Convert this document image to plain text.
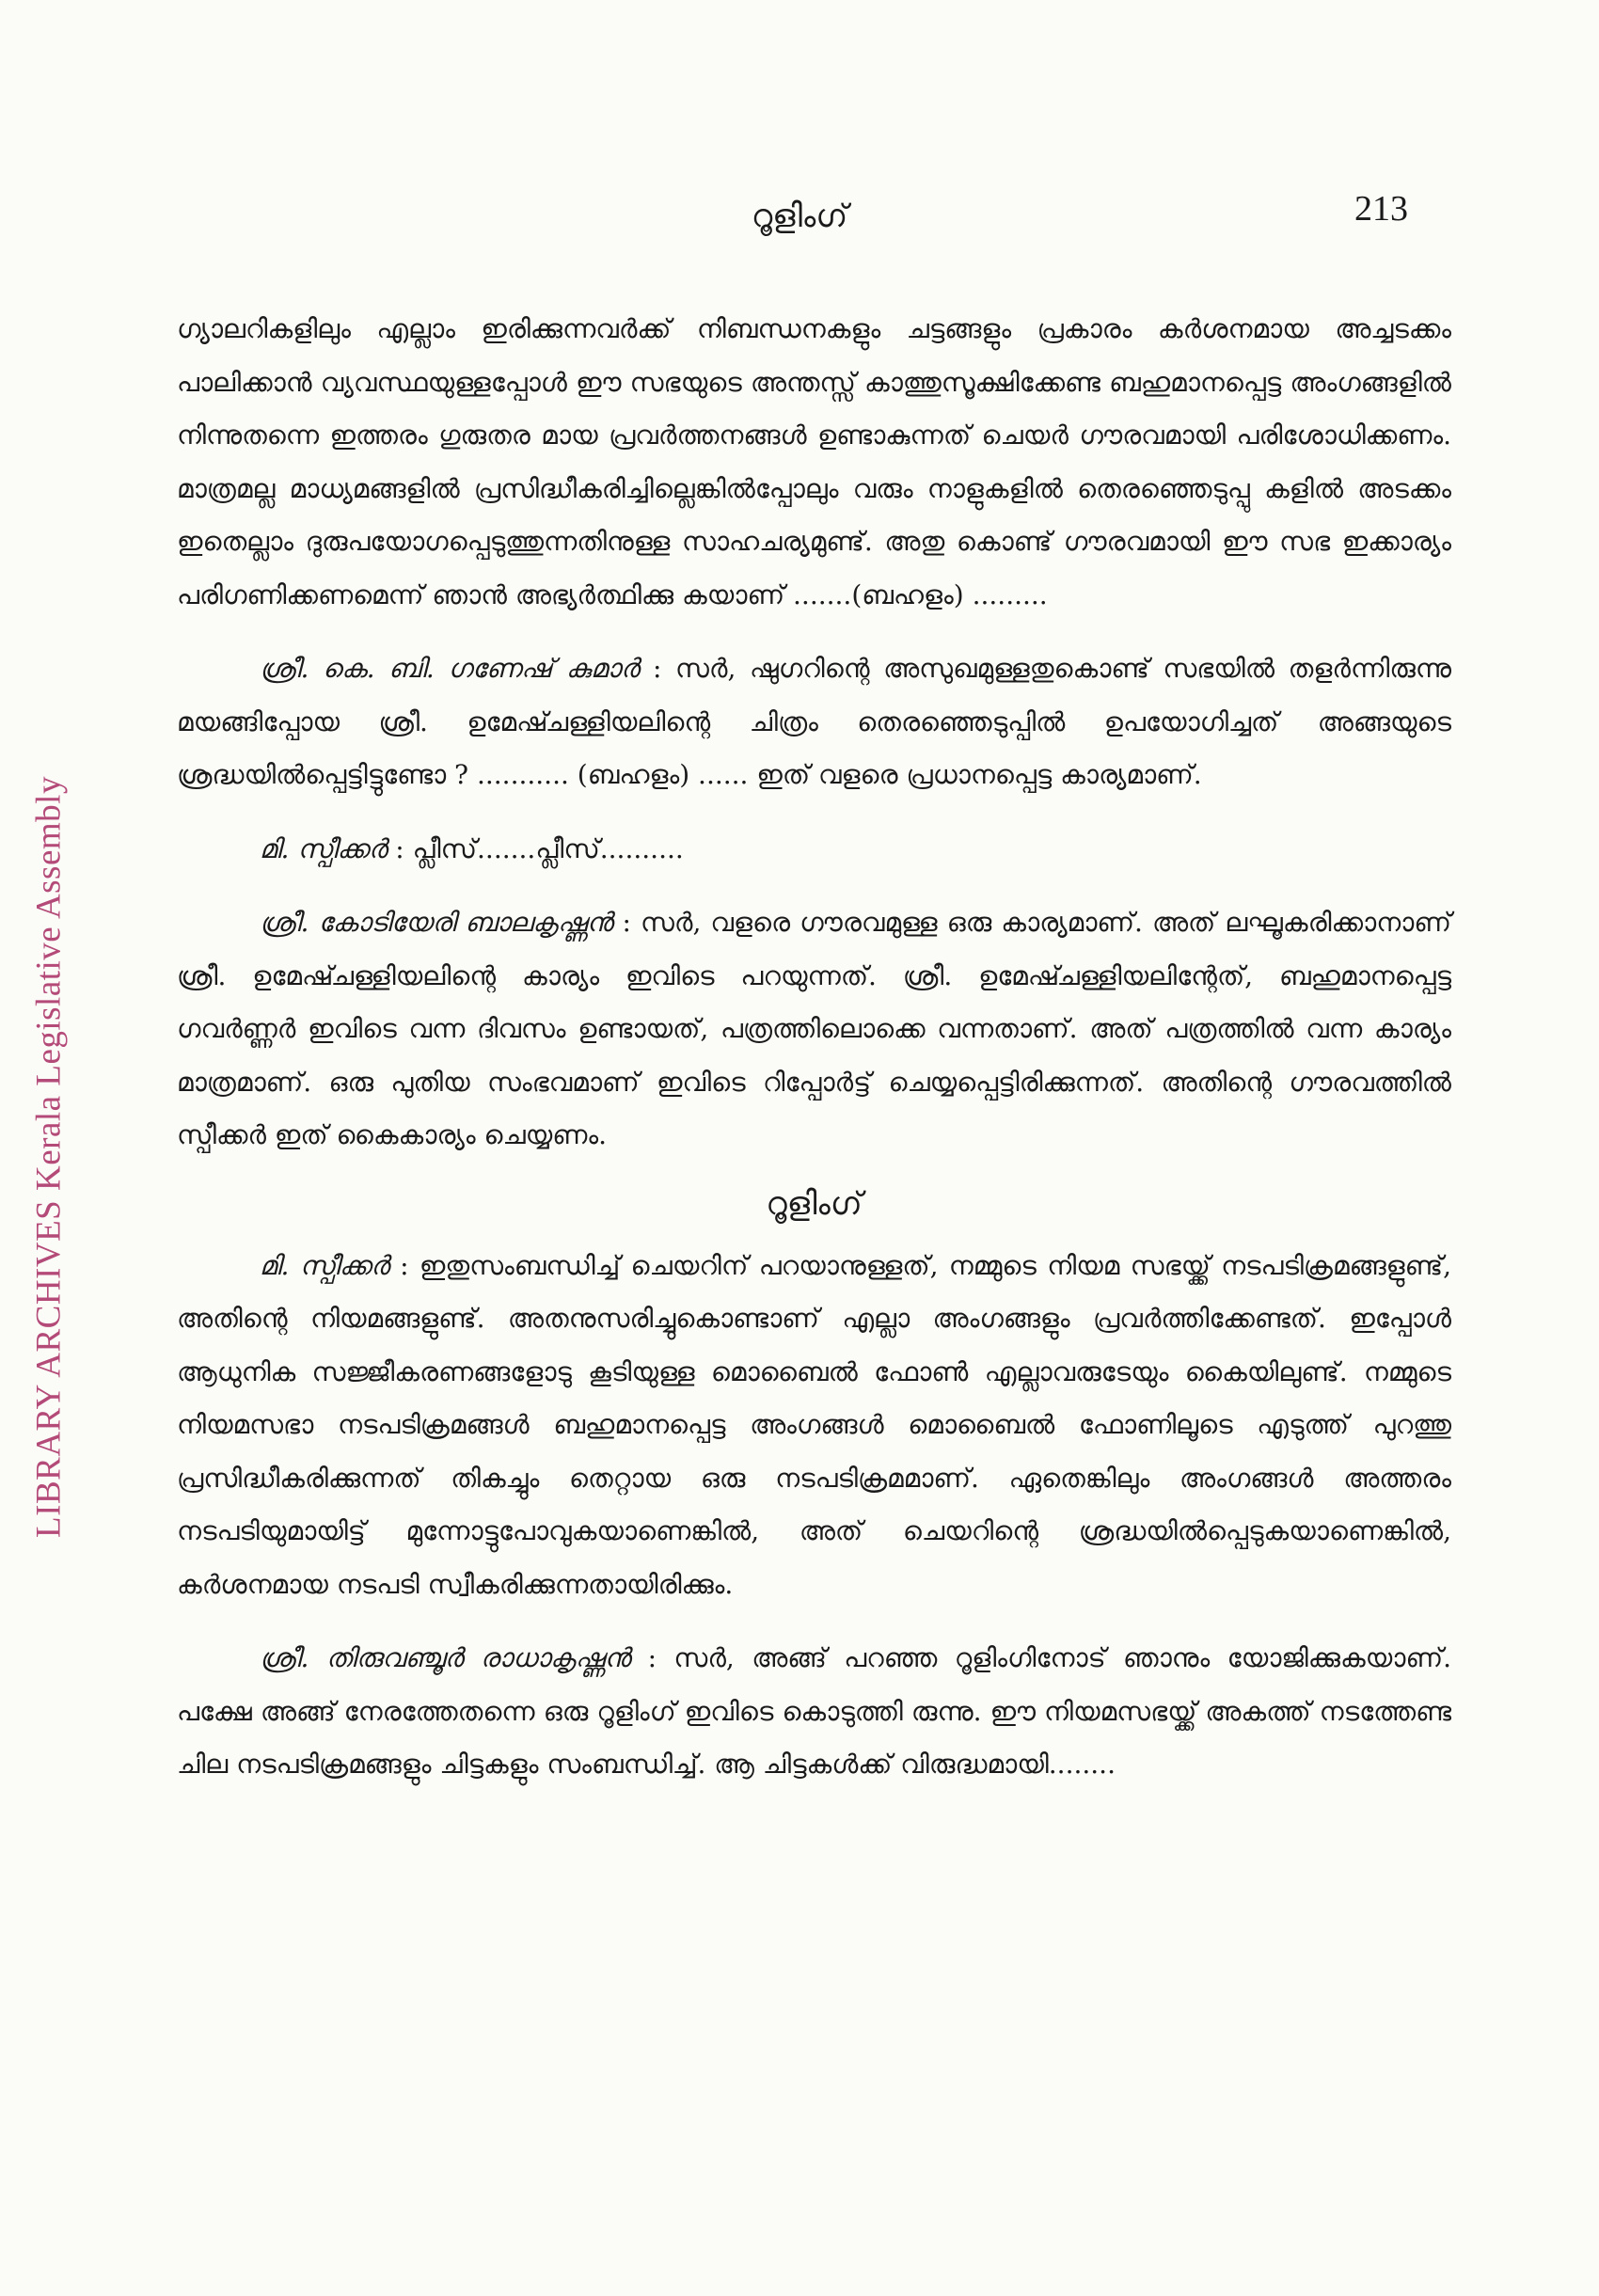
LIBRARY ARCHIVES Kerala Legislative Assembly
റൂളിംഗ്	213

ഗ്യാലറികളിലും എല്ലാം ഇരിക്കുന്നവർക്ക് നിബന്ധനകളും ചട്ടങ്ങളും പ്രകാരം കർശനമായ അച്ചടക്കം പാലിക്കാൻ വ്യവസ്ഥയുള്ളപ്പോൾ ഈ സഭയുടെ അന്തസ്സ് കാത്തുസൂക്ഷിക്കേണ്ട ബഹുമാനപ്പെട്ട അംഗങ്ങളിൽ നിന്നുതന്നെ ഇത്തരം ഗുരുതര മായ പ്രവർത്തനങ്ങൾ ഉണ്ടാകുന്നത് ചെയർ ഗൗരവമായി പരിശോധിക്കണം. മാത്രമല്ല മാധ്യമങ്ങളിൽ പ്രസിദ്ധീകരിച്ചില്ലെങ്കിൽപ്പോലും വരും നാളുകളിൽ തെരഞ്ഞെടുപ്പു കളിൽ അടക്കം ഇതെല്ലാം ദുരുപയോഗപ്പെടുത്തുന്നതിനുള്ള സാഹചര്യമുണ്ട്. അതു കൊണ്ട് ഗൗരവമായി ഈ സഭ ഇക്കാര്യം പരിഗണിക്കണമെന്ന് ഞാൻ അഭ്യർത്ഥിക്കു കയാണ് .......(ബഹളം) .........

ശ്രീ. കെ. ബി. ഗണേഷ് കുമാർ : സർ, ഷുഗറിന്റെ അസുഖമുള്ളതുകൊണ്ട് സഭയിൽ തളർന്നിരുന്നു മയങ്ങിപ്പോയ ശ്രീ. ഉമേഷ്ചള്ളിയലിന്റെ ചിത്രം തെരഞ്ഞെടുപ്പിൽ ഉപയോഗിച്ചത് അങ്ങയുടെ ശ്രദ്ധയിൽപ്പെട്ടിട്ടുണ്ടോ ? ........... (ബഹളം) ...... ഇത് വളരെ പ്രധാനപ്പെട്ട കാര്യമാണ്.

മി. സ്പീക്കർ : പ്ലീസ്.......പ്ലീസ്..........

ശ്രീ. കോടിയേരി ബാലകൃഷ്ണൻ : സർ, വളരെ ഗൗരവമുള്ള ഒരു കാര്യമാണ്. അത് ലഘൂകരിക്കാനാണ് ശ്രീ. ഉമേഷ്ചള്ളിയലിന്റെ കാര്യം ഇവിടെ പറയുന്നത്. ശ്രീ. ഉമേഷ്ചള്ളിയലിന്റേത്, ബഹുമാനപ്പെട്ട ഗവർണ്ണർ ഇവിടെ വന്ന ദിവസം ഉണ്ടായത്, പത്രത്തിലൊക്കെ വന്നതാണ്. അത് പത്രത്തിൽ വന്ന കാര്യം മാത്രമാണ്. ഒരു പുതിയ സംഭവമാണ് ഇവിടെ റിപ്പോർട്ട് ചെയ്യപ്പെട്ടിരിക്കുന്നത്. അതിന്റെ ഗൗരവത്തിൽ സ്പീക്കർ ഇത് കൈകാര്യം ചെയ്യണം.

റൂളിംഗ്

മി. സ്പീക്കർ : ഇതുസംബന്ധിച്ച് ചെയറിന് പറയാനുള്ളത്, നമ്മുടെ നിയമ സഭയ്ക്ക് നടപടിക്രമങ്ങളുണ്ട്, അതിന്റെ നിയമങ്ങളുണ്ട്. അതനുസരിച്ചുകൊണ്ടാണ് എല്ലാ അംഗങ്ങളും പ്രവർത്തിക്കേണ്ടത്. ഇപ്പോൾ ആധുനിക സജ്ജീകരണങ്ങളോടു കൂടിയുള്ള മൊബൈൽ ഫോൺ എല്ലാവരുടേയും കൈയിലുണ്ട്. നമ്മുടെ നിയമസഭാ നടപടിക്രമങ്ങൾ ബഹുമാനപ്പെട്ട അംഗങ്ങൾ മൊബൈൽ ഫോണിലൂടെ എടുത്ത് പുറത്തു പ്രസിദ്ധീകരിക്കുന്നത് തികച്ചും തെറ്റായ ഒരു നടപടിക്രമമാണ്. ഏതെങ്കിലും അംഗങ്ങൾ അത്തരം നടപടിയുമായിട്ട് മുന്നോട്ടുപോവുകയാണെങ്കിൽ, അത് ചെയറിന്റെ ശ്രദ്ധയിൽപ്പെടുകയാണെങ്കിൽ, കർശനമായ നടപടി സ്വീകരിക്കുന്നതായിരിക്കും.

ശ്രീ. തിരുവഞ്ചൂർ രാധാകൃഷ്ണൻ : സർ, അങ്ങ് പറഞ്ഞ റൂളിംഗിനോട് ഞാനും യോജിക്കുകയാണ്. പക്ഷേ അങ്ങ് നേരത്തേതന്നെ ഒരു റൂളിംഗ് ഇവിടെ കൊടുത്തി രുന്നു. ഈ നിയമസഭയ്ക്ക് അകത്ത് നടത്തേണ്ട ചില നടപടിക്രമങ്ങളും ചിട്ടകളും സംബന്ധിച്ച്. ആ ചിട്ടകൾക്ക് വിരുദ്ധമായി........
